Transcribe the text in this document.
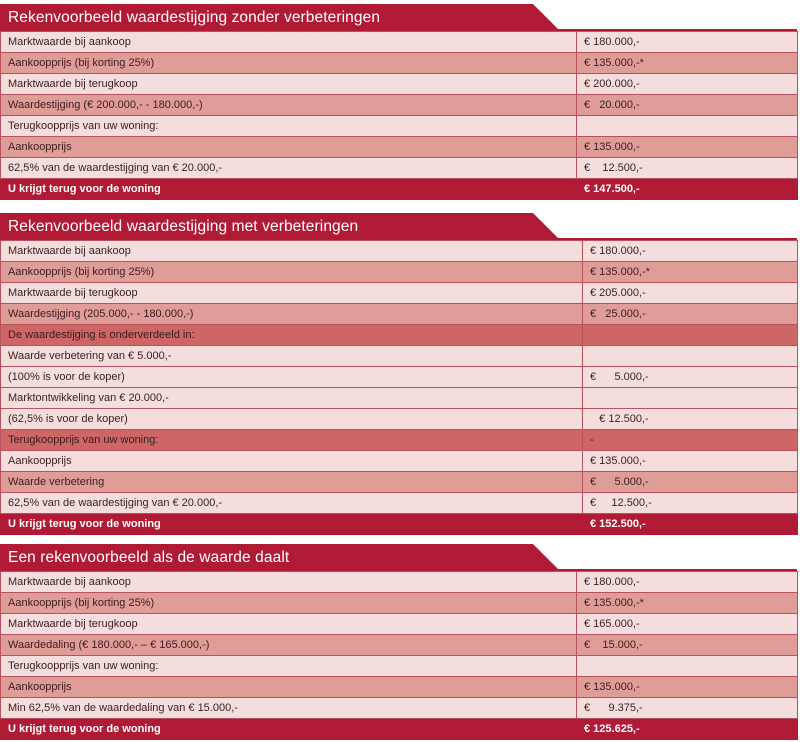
Rekenvoorbeeld waardestijging zonder verbeteringen
Marktwaarde bij aankoop	€ 180.000,-
Aankoopprijs (bij korting 25%)	€ 135.000,-*
Marktwaarde bij terugkoop	€ 200.000,-
Waardestijging (€ 200.000,- - 180.000,-)	€   20.000,-
Terugkoopprijs van uw woning:	
Aankoopprijs	€ 135.000,-
62,5% van de waardestijging van € 20.000,-	€    12.500,-
U krijgt terug voor de woning	€ 147.500,-
Rekenvoorbeeld waardestijging met verbeteringen
Marktwaarde bij aankoop	€ 180.000,-
Aankoopprijs (bij korting 25%)	€ 135.000,-*
Marktwaarde bij terugkoop	€ 205.000,-
Waardestijging (205.000,- - 180.000,-)	€   25.000,-
De waardestijging is onderverdeeld in:	
Waarde verbetering van € 5.000,-	
(100% is voor de koper)	€      5.000,-
Marktontwikkeling van € 20.000,-	
(62,5% is voor de koper)	€ 12.500,-
Terugkoopprijs van uw woning:	-
Aankoopprijs	€ 135.000,-
Waarde verbetering	€      5.000,-
62,5% van de waardestijging van € 20.000,-	€     12.500,-
U krijgt terug voor de woning	€ 152.500,-
Een rekenvoorbeeld als de waarde daalt
Marktwaarde bij aankoop	€ 180.000,-
Aankoopprijs (bij korting 25%)	€ 135.000,-*
Marktwaarde bij terugkoop	€ 165.000,-
Waardedaling (€ 180.000,- – € 165.000,-)	€    15.000,-
Terugkoopprijs van uw woning:	
Aankoopprijs	€ 135.000,-
Min 62,5% van de waardedaling van € 15.000,-	€      9.375,-
U krijgt terug voor de woning	€ 125.625,-
